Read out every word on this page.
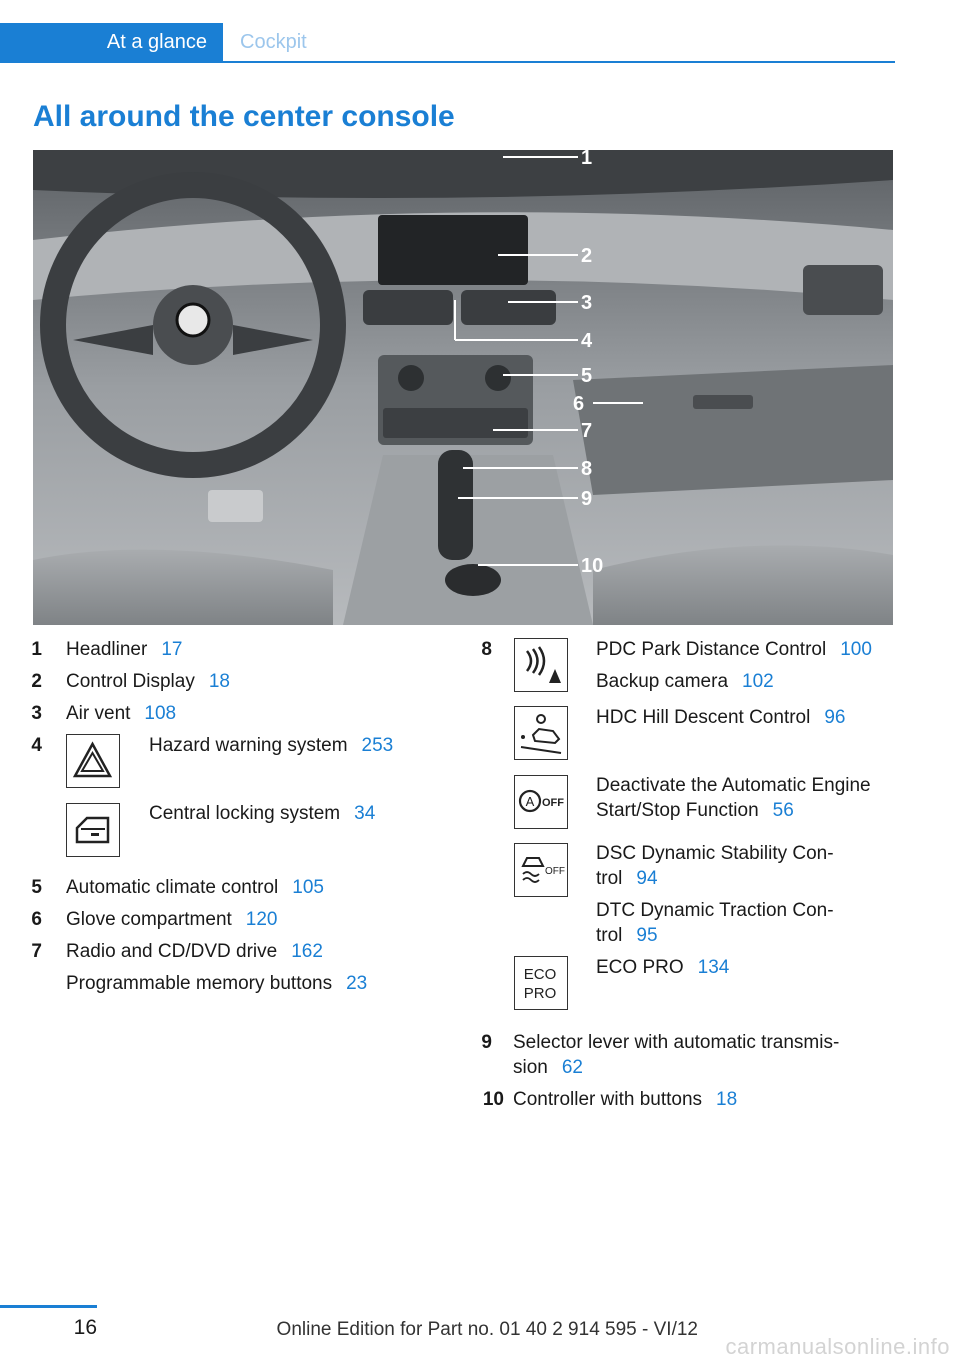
At a glance	Cockpit
All around the center console
1
2
3
4
5
6
7
8
9
10
1 Headliner 17
2 Control Display 18
3 Air vent 108
4	Hazard warning system 253
Central locking system 34
5 Automatic climate control 105
6 Glove compartment 120
7 Radio and CD/DVD drive 162
Programmable memory buttons 23
8	PDC Park Distance Control 100
Backup camera 102
HDC Hill Descent Control 96
A OFF
Deactivate the Automatic Engine
Start/Stop Function 56
OFF
DSC Dynamic Stability Con-
trol 94
DTC Dynamic Traction Con-
trol 95
ECO
PRO
ECO PRO 134
9 Selector lever with automatic transmis-
sion 62
10 Controller with buttons 18
16	Online Edition for Part no. 01 40 2 914 595 - VI/12
carmanualsonline.info
